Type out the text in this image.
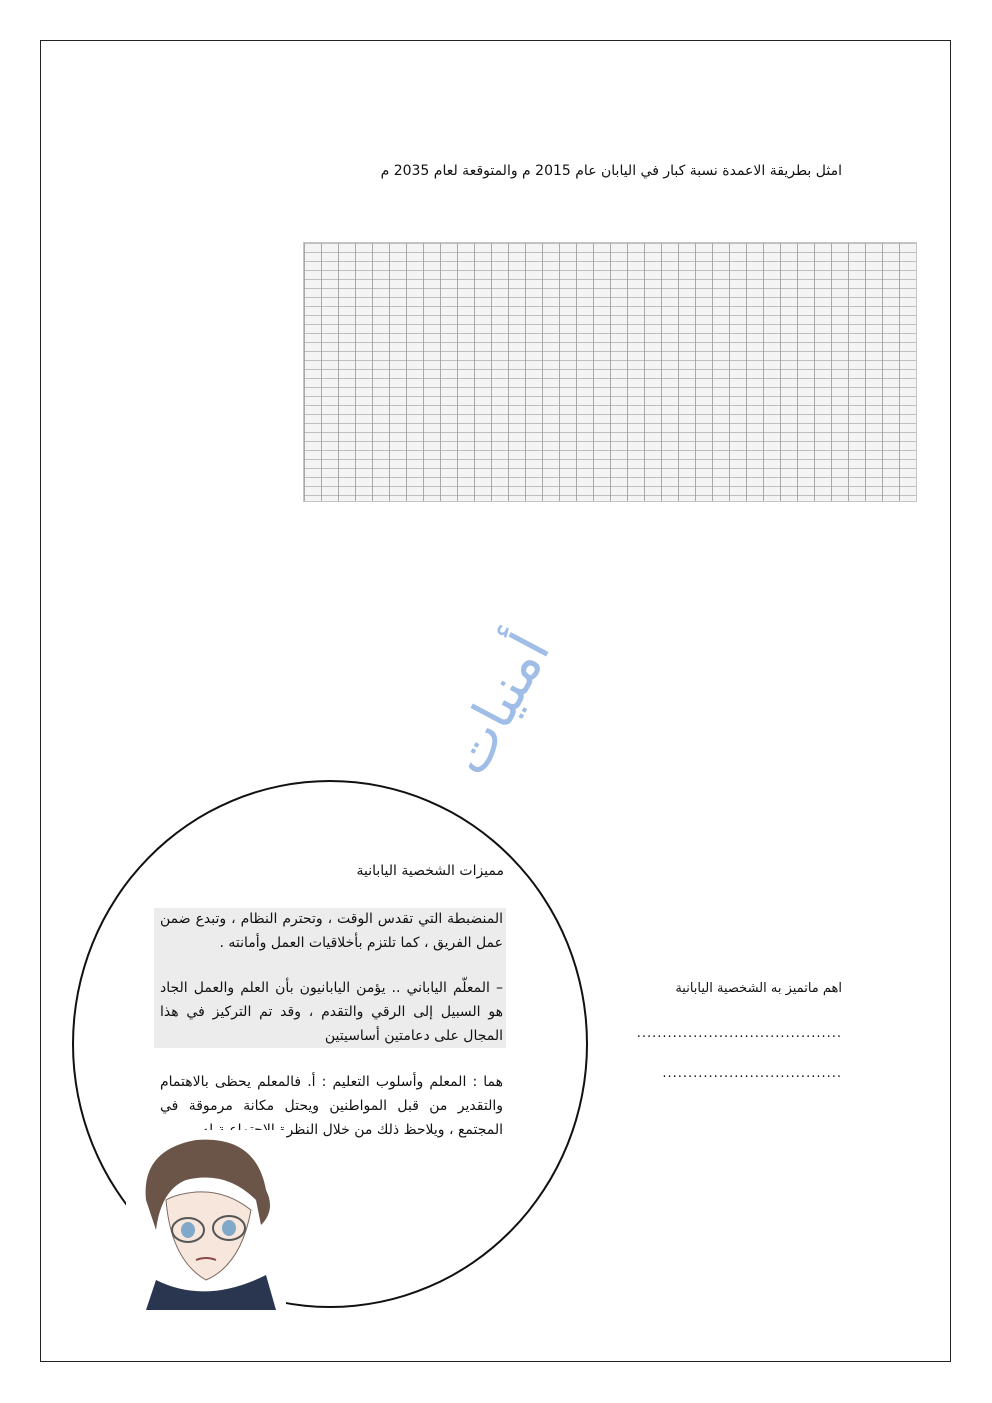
امثل بطريقة الاعمدة نسبة كبار في اليابان عام 2015 م والمتوقعة لعام 2035 م
أمنيات
مميزات الشخصية اليابانية
المنضبطة التي تقدس الوقت ، وتحترم النظام ، وتبدع ضمن عمل الفريق ، كما تلتزم بأخلاقيات العمل وأمانته .
– المعلّم الياباني .. يؤمن اليابانيون بأن العلم والعمل الجاد هو السبيل إلى الرقي والتقدم ، وقد تم التركيز في هذا المجال على دعامتين أساسيتين
هما : المعلم وأسلوب التعليم : أ. فالمعلم يحظى بالاهتمام والتقدير من قبل المواطنين ويحتل مكانة مرموقة في المجتمع ، ويلاحظ ذلك من خلال النظرة الاجتماعية له ،
اهم ماتميز به الشخصية اليابانية
........................................
...................................
